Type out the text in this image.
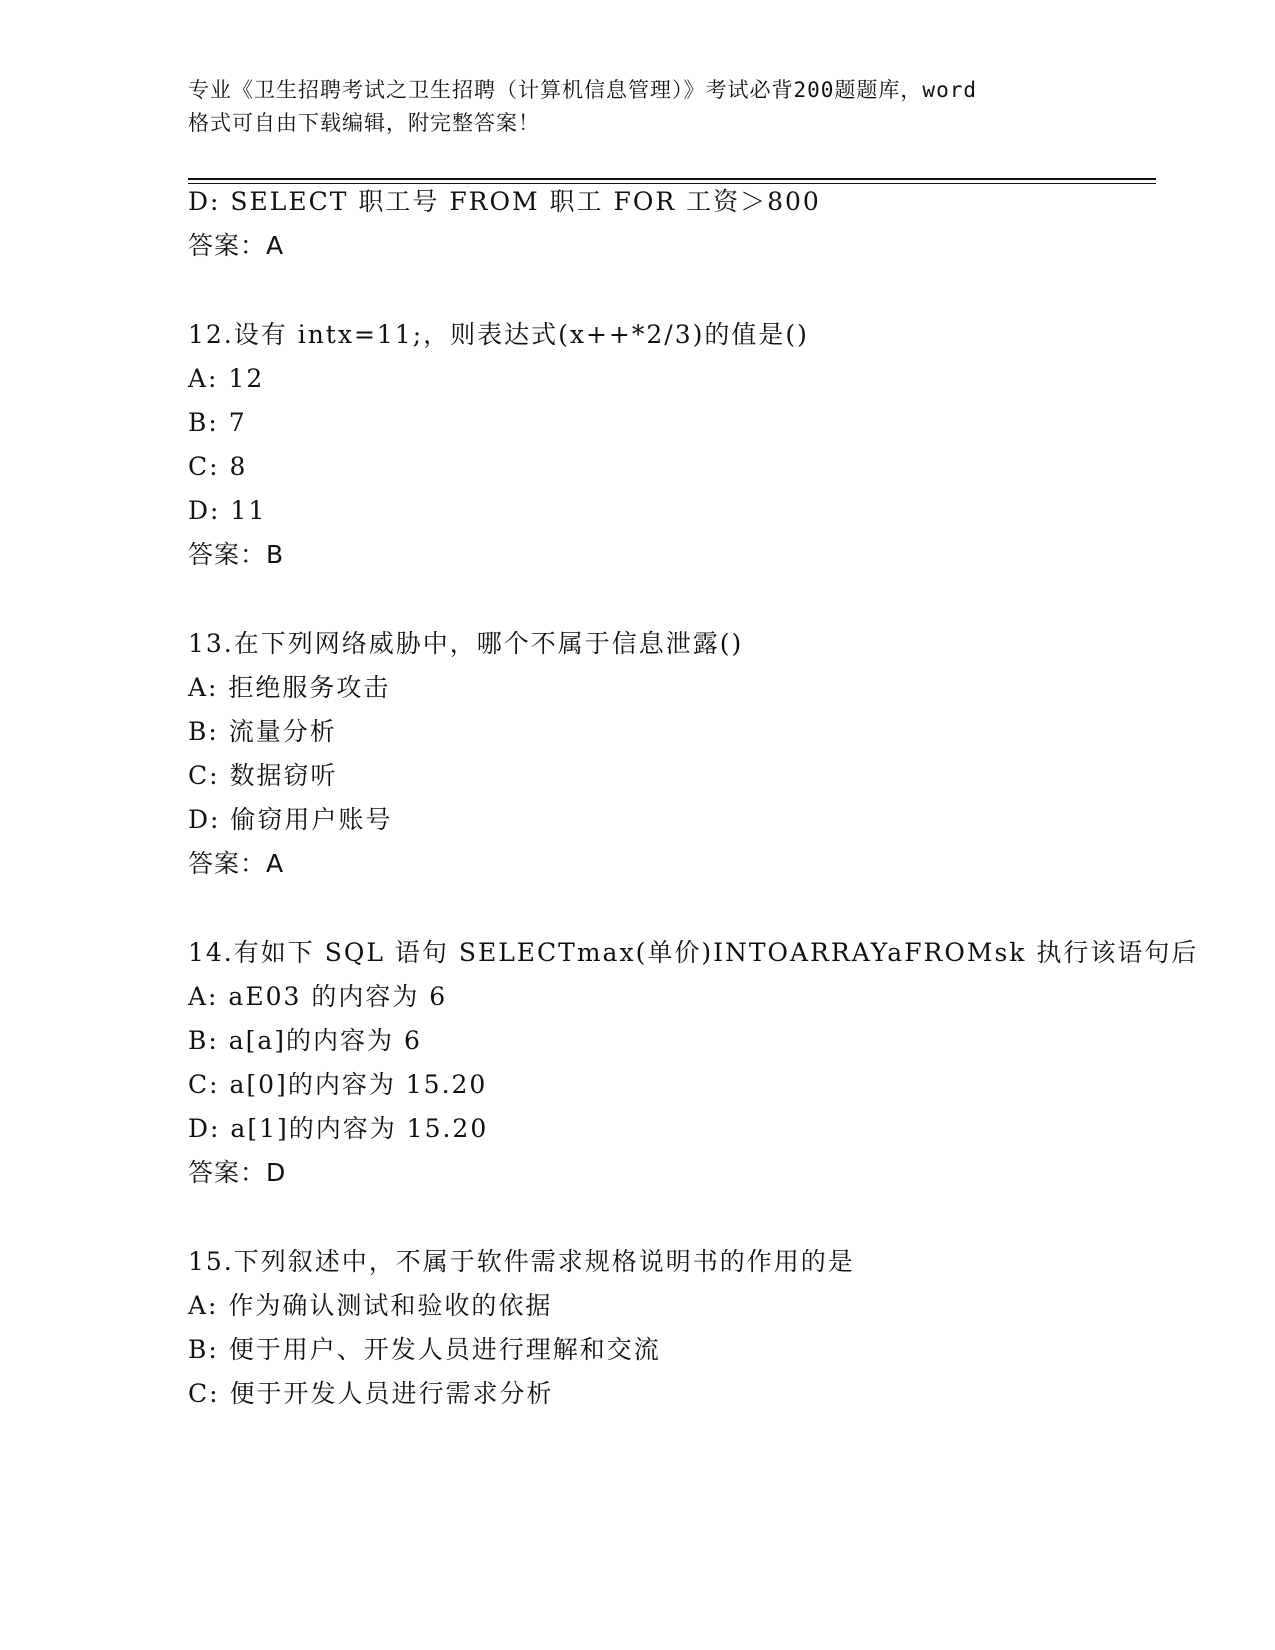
专业《卫生招聘考试之卫生招聘（计算机信息管理）》考试必背200题题库，word
格式可自由下载编辑，附完整答案！
D: SELECT 职工号 FROM 职工 FOR 工资＞800
答案：A
12.设有 intx=11;，则表达式(x++*2/3)的值是()
A: 12
B: 7
C: 8
D: 11
答案：B
13.在下列网络威胁中，哪个不属于信息泄露()
A: 拒绝服务攻击
B: 流量分析
C: 数据窃听
D: 偷窃用户账号
答案：A
14.有如下 SQL 语句 SELECTmax(单价)INTOARRAYaFROMsk 执行该语句后
A: aE03 的内容为 6
B: a[a]的内容为 6
C: a[0]的内容为 15.20
D: a[1]的内容为 15.20
答案：D
15.下列叙述中，不属于软件需求规格说明书的作用的是
A: 作为确认测试和验收的依据
B: 便于用户、开发人员进行理解和交流
C: 便于开发人员进行需求分析
